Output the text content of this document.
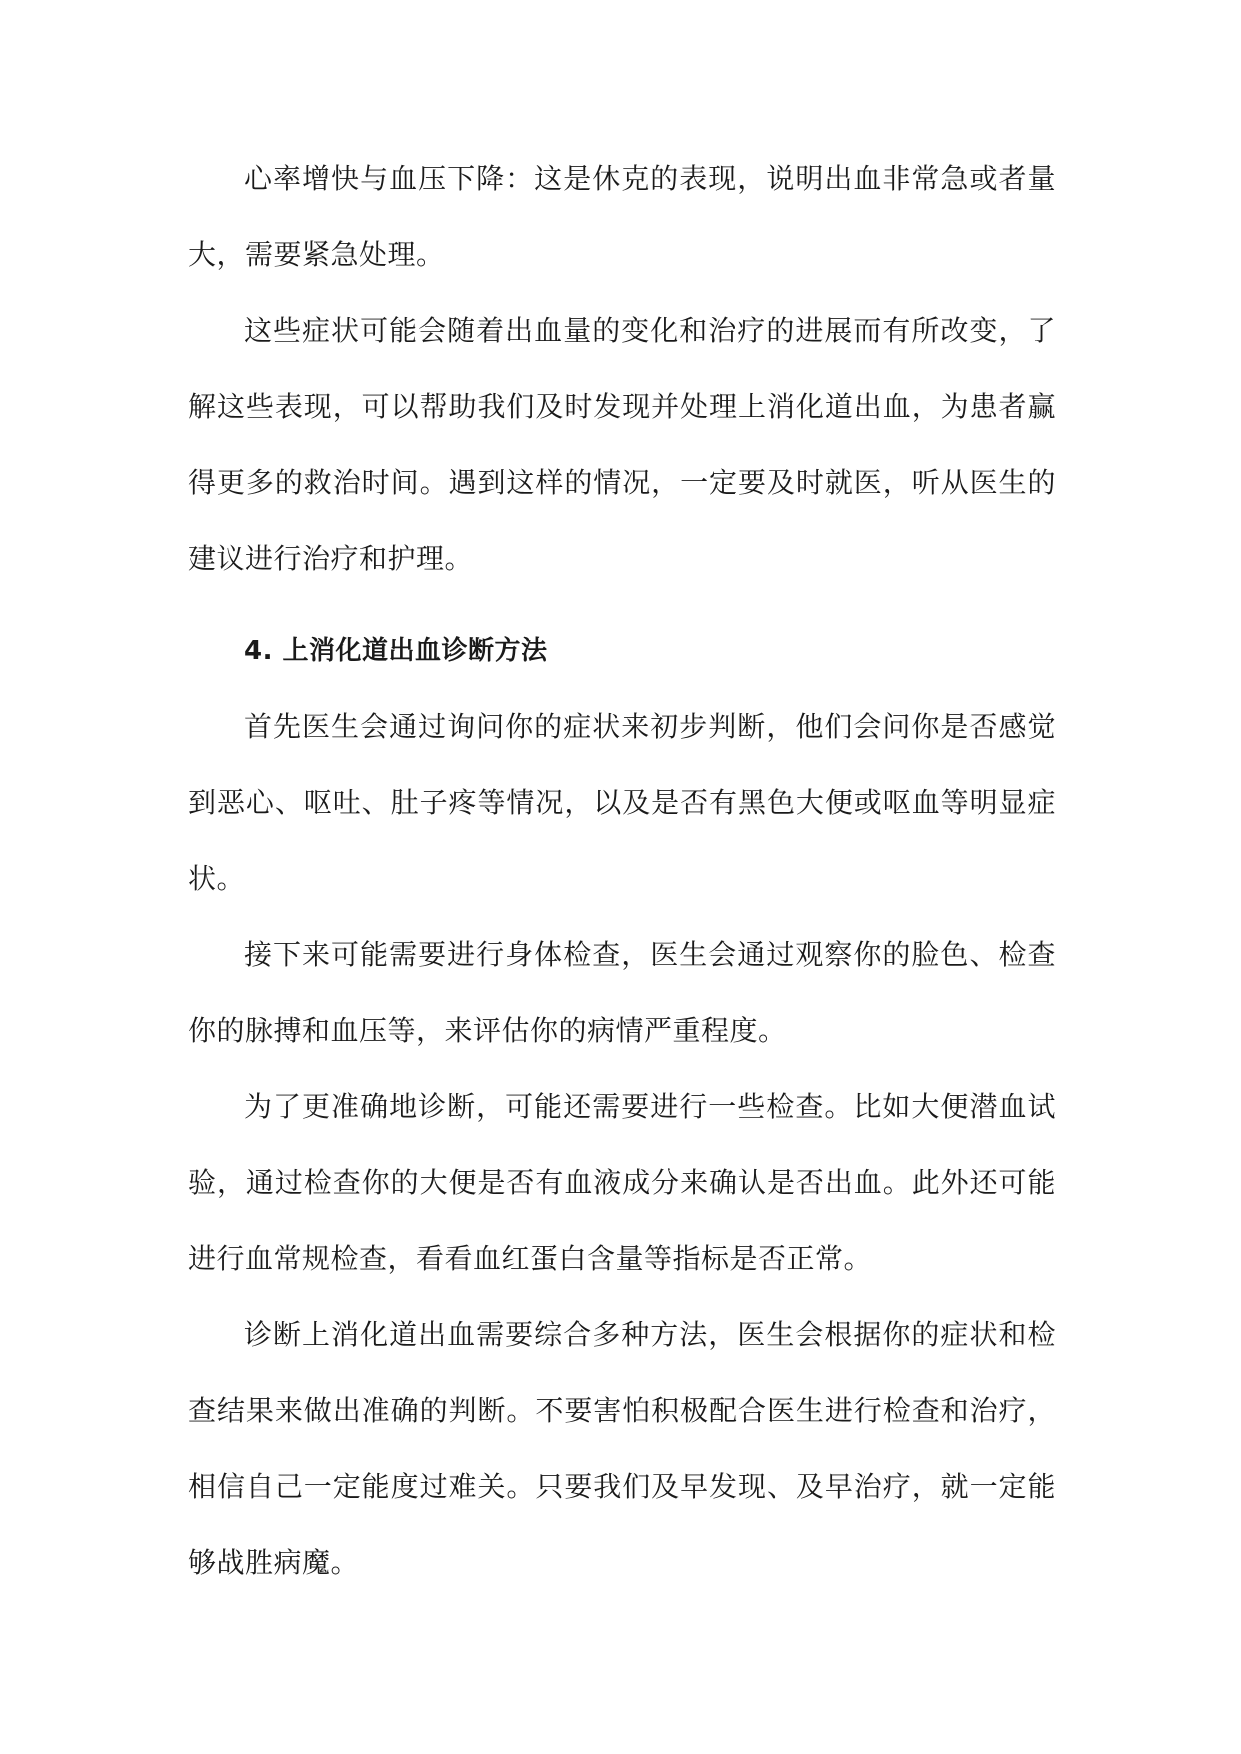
心率增快与血压下降：这是休克的表现，说明出血非常急或者量大，需要紧急处理。

这些症状可能会随着出血量的变化和治疗的进展而有所改变，了解这些表现，可以帮助我们及时发现并处理上消化道出血，为患者赢得更多的救治时间。遇到这样的情况，一定要及时就医，听从医生的建议进行治疗和护理。

4. 上消化道出血诊断方法

首先医生会通过询问你的症状来初步判断，他们会问你是否感觉到恶心、呕吐、肚子疼等情况，以及是否有黑色大便或呕血等明显症状。

接下来可能需要进行身体检查，医生会通过观察你的脸色、检查你的脉搏和血压等，来评估你的病情严重程度。

为了更准确地诊断，可能还需要进行一些检查。比如大便潜血试验，通过检查你的大便是否有血液成分来确认是否出血。此外还可能进行血常规检查，看看血红蛋白含量等指标是否正常。

诊断上消化道出血需要综合多种方法，医生会根据你的症状和检查结果来做出准确的判断。不要害怕积极配合医生进行检查和治疗，相信自己一定能度过难关。只要我们及早发现、及早治疗，就一定能够战胜病魔。
